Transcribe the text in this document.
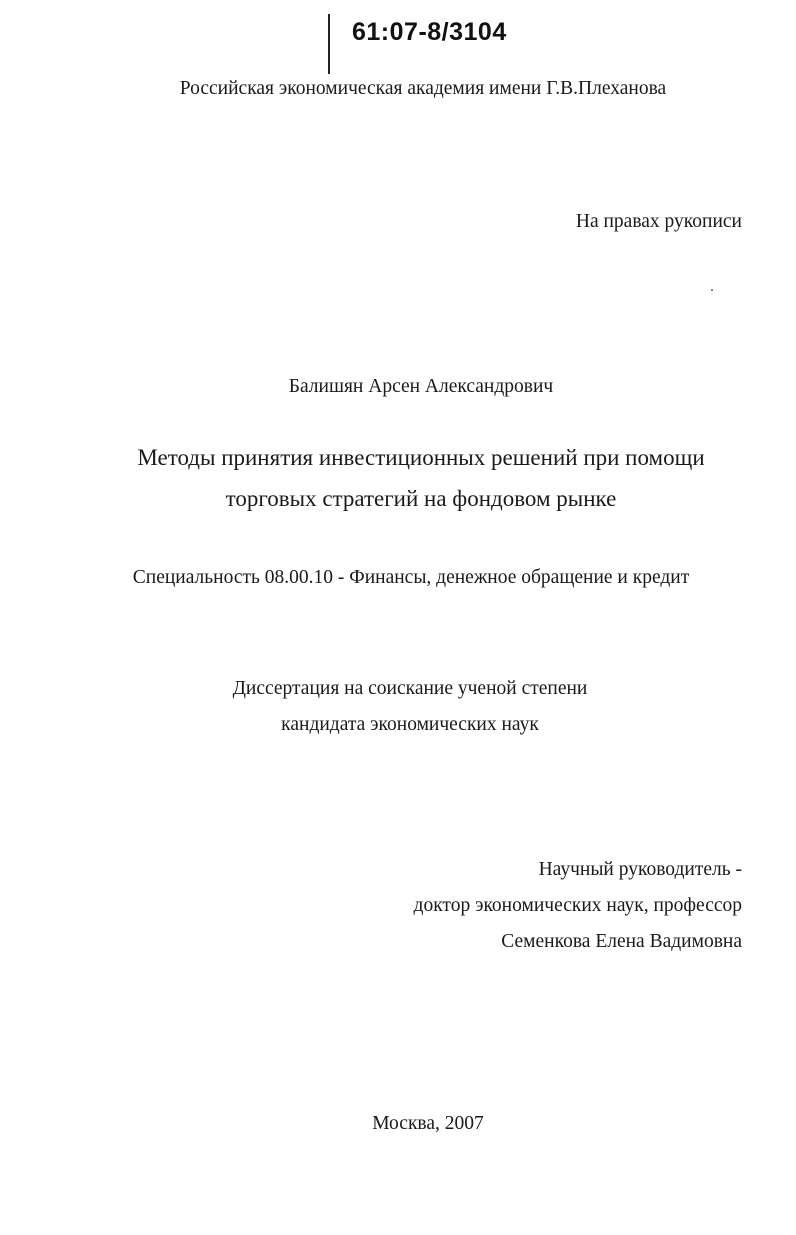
61:07-8/3104
Российская экономическая академия имени Г.В.Плеханова
На правах рукописи
Балишян Арсен Александрович
Методы принятия инвестиционных решений при помощи
торговых стратегий на фондовом рынке
Специальность 08.00.10 - Финансы, денежное обращение и кредит
Диссертация на соискание ученой степени
кандидата экономических наук
Научный руководитель -
доктор экономических наук, профессор
Семенкова Елена Вадимовна
Москва, 2007
